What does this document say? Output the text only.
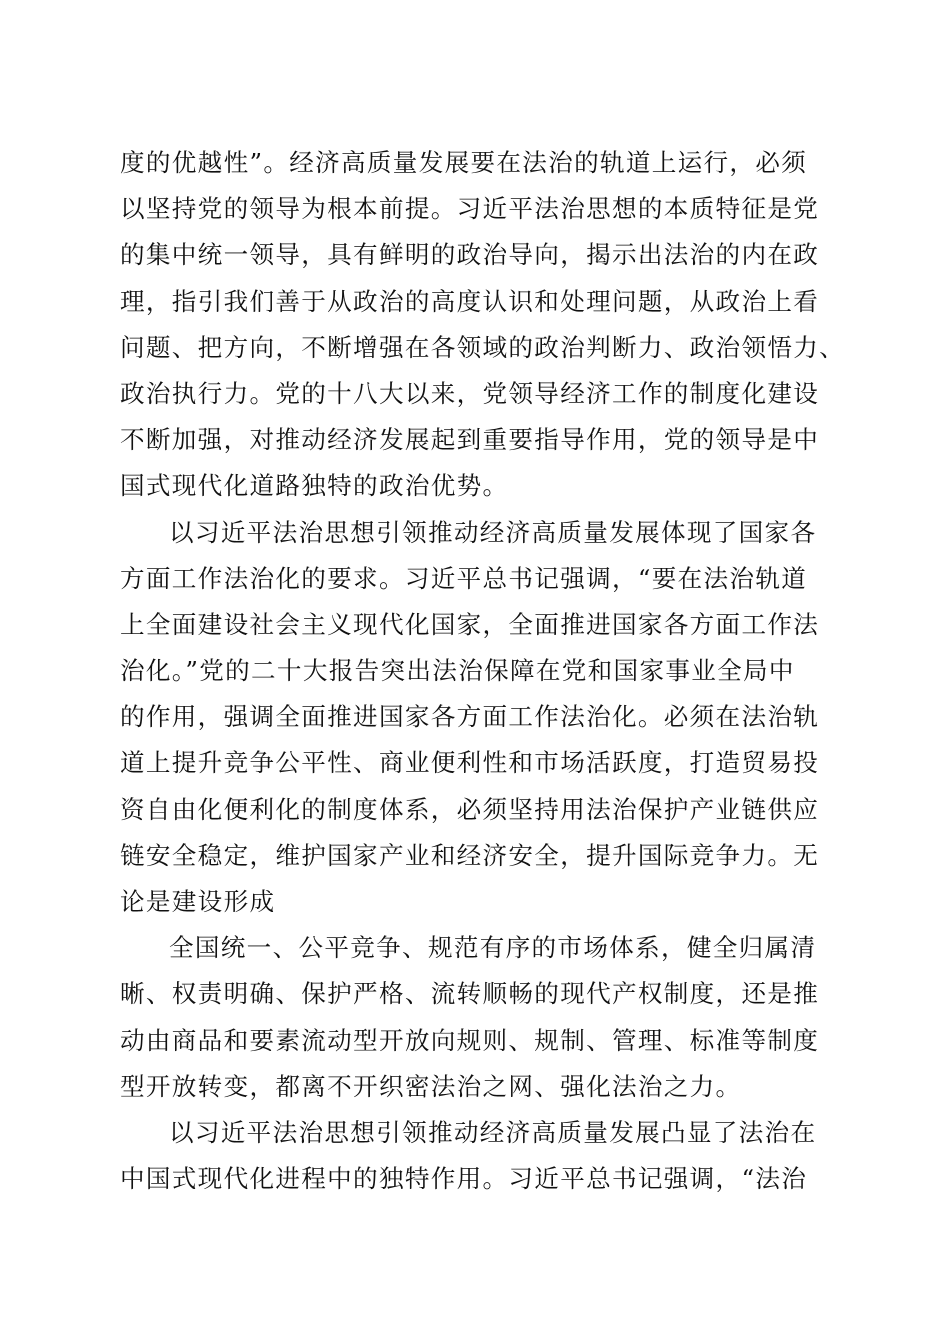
度的优越性”。经济高质量发展要在法治的轨道上运行，必须
以坚持党的领导为根本前提。习近平法治思想的本质特征是党
的集中统一领导，具有鲜明的政治导向，揭示出法治的内在政
理，指引我们善于从政治的高度认识和处理问题，从政治上看
问题、把方向，不断增强在各领域的政治判断力、政治领悟力、
政治执行力。党的十八大以来，党领导经济工作的制度化建设
不断加强，对推动经济发展起到重要指导作用，党的领导是中
国式现代化道路独特的政治优势。

以习近平法治思想引领推动经济高质量发展体现了国家各
方面工作法治化的要求。习近平总书记强调，“要在法治轨道
上全面建设社会主义现代化国家，全面推进国家各方面工作法
治化。”党的二十大报告突出法治保障在党和国家事业全局中
的作用，强调全面推进国家各方面工作法治化。必须在法治轨
道上提升竞争公平性、商业便利性和市场活跃度，打造贸易投
资自由化便利化的制度体系，必须坚持用法治保护产业链供应
链安全稳定，维护国家产业和经济安全，提升国际竞争力。无
论是建设形成

全国统一、公平竞争、规范有序的市场体系，健全归属清
晰、权责明确、保护严格、流转顺畅的现代产权制度，还是推
动由商品和要素流动型开放向规则、规制、管理、标准等制度
型开放转变，都离不开织密法治之网、强化法治之力。

以习近平法治思想引领推动经济高质量发展凸显了法治在
中国式现代化进程中的独特作用。习近平总书记强调，“法治
